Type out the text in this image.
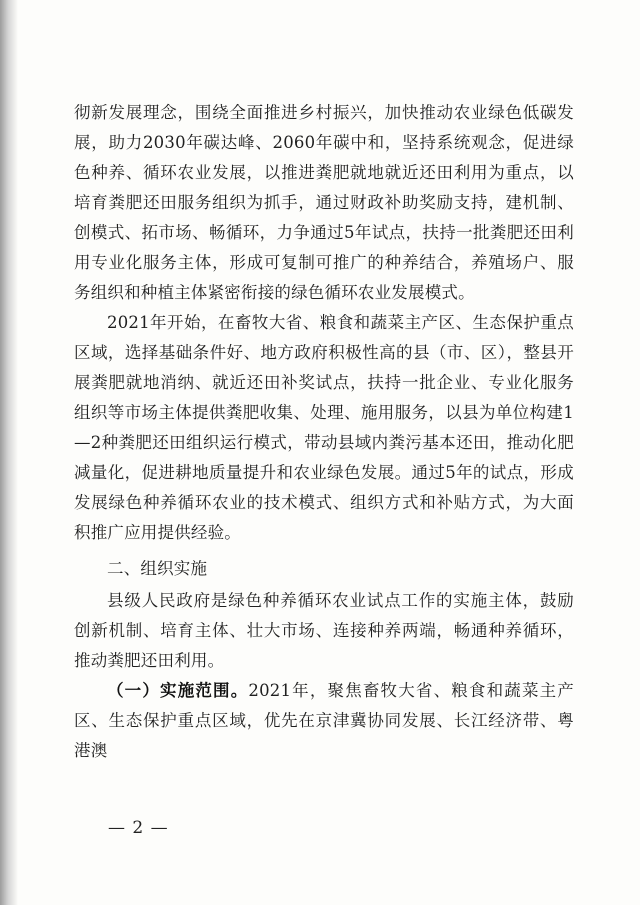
彻新发展理念，围绕全面推进乡村振兴，加快推动农业绿色低碳发展，助力2030年碳达峰、2060年碳中和，坚持系统观念，促进绿色种养、循环农业发展，以推进粪肥就地就近还田利用为重点，以培育粪肥还田服务组织为抓手，通过财政补助奖励支持，建机制、创模式、拓市场、畅循环，力争通过5年试点，扶持一批粪肥还田利用专业化服务主体，形成可复制可推广的种养结合，养殖场户、服务组织和种植主体紧密衔接的绿色循环农业发展模式。

2021年开始，在畜牧大省、粮食和蔬菜主产区、生态保护重点区域，选择基础条件好、地方政府积极性高的县（市、区），整县开展粪肥就地消纳、就近还田补奖试点，扶持一批企业、专业化服务组织等市场主体提供粪肥收集、处理、施用服务，以县为单位构建1—2种粪肥还田组织运行模式，带动县域内粪污基本还田，推动化肥减量化，促进耕地质量提升和农业绿色发展。通过5年的试点，形成发展绿色种养循环农业的技术模式、组织方式和补贴方式，为大面积推广应用提供经验。

二、组织实施

县级人民政府是绿色种养循环农业试点工作的实施主体，鼓励创新机制、培育主体、壮大市场、连接种养两端，畅通种养循环，推动粪肥还田利用。

（一）实施范围。2021年，聚焦畜牧大省、粮食和蔬菜主产区、生态保护重点区域，优先在京津冀协同发展、长江经济带、粤港澳

— 2 —
